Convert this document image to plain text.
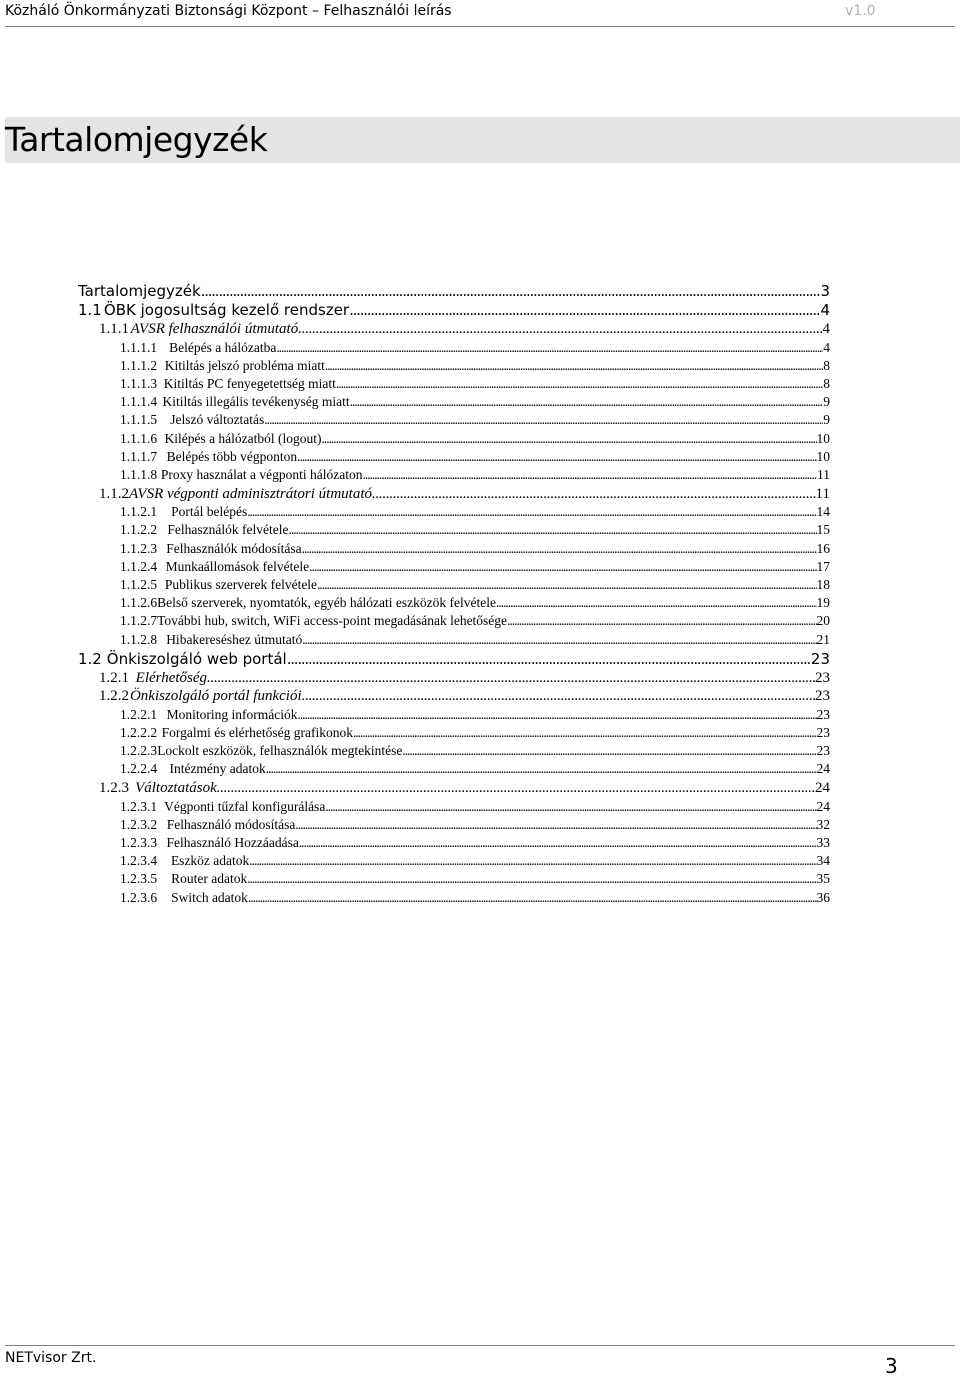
Közháló Önkormányzati Biztonsági Központ – Felhasználói leírás	v1.0
Tartalomjegyzék
Tartalomjegyzék . . .	3
1.1 ÖBK jogosultság kezelő rendszer . . .	4
1.1.1 AVSR felhasználói útmutató . . .	4
1.1.1.1 Belépés a hálózatba . . .	4
1.1.1.2 Kitiltás jelszó probléma miatt . . .	8
1.1.1.3 Kitiltás PC fenyegetettség miatt . . .	8
1.1.1.4 Kitiltás illegális tevékenység miatt . . .	9
1.1.1.5 Jelszó változtatás . . .	9
1.1.1.6 Kilépés a hálózatból (logout) . . .	10
1.1.1.7 Belépés több végponton . . .	10
1.1.1.8 Proxy használat a végponti hálózaton . . .	11
1.1.2 AVSR végponti adminisztrátori útmutató . . .	11
1.1.2.1	Portál belépés . . .	14
1.1.2.2 Felhasználók felvétele . . .	15
1.1.2.3 Felhasználók módosítása . . .	16
1.1.2.4 Munkaállomások felvétele . . .	17
1.1.2.5 Publikus szerverek felvétele . . .	18
1.1.2.6 Belső szerverek, nyomtatók, egyéb hálózati eszközök felvétele . . .	19
1.1.2.7 További hub, switch, WiFi access-point megadásának lehetősége . . .	20
1.1.2.8 Hibakereséshez útmutató . . .	21
1.2 Önkiszolgáló web portál . . .	23
1.2.1 Elérhetőség . . .	23
1.2.2 Önkiszolgáló portál funkciói . . .	23
1.2.2.1 Monitoring információk . . .	23
1.2.2.2 Forgalmi és elérhetőség grafikonok . . .	23
1.2.2.3 Lockolt eszközök, felhasználók megtekintése . . .	23
1.2.2.4 Intézmény adatok . . .	24
1.2.3 Változtatások . . .	24
1.2.3.1 Végponti tűzfal konfigurálása . . .	24
1.2.3.2 Felhasználó módosítása . . .	32
1.2.3.3 Felhasználó Hozzáadása . . .	33
1.2.3.4	Eszköz adatok . . .	34
1.2.3.5	Router adatok . . .	35
1.2.3.6	Switch adatok . . .	36
NETvisor Zrt.	3
